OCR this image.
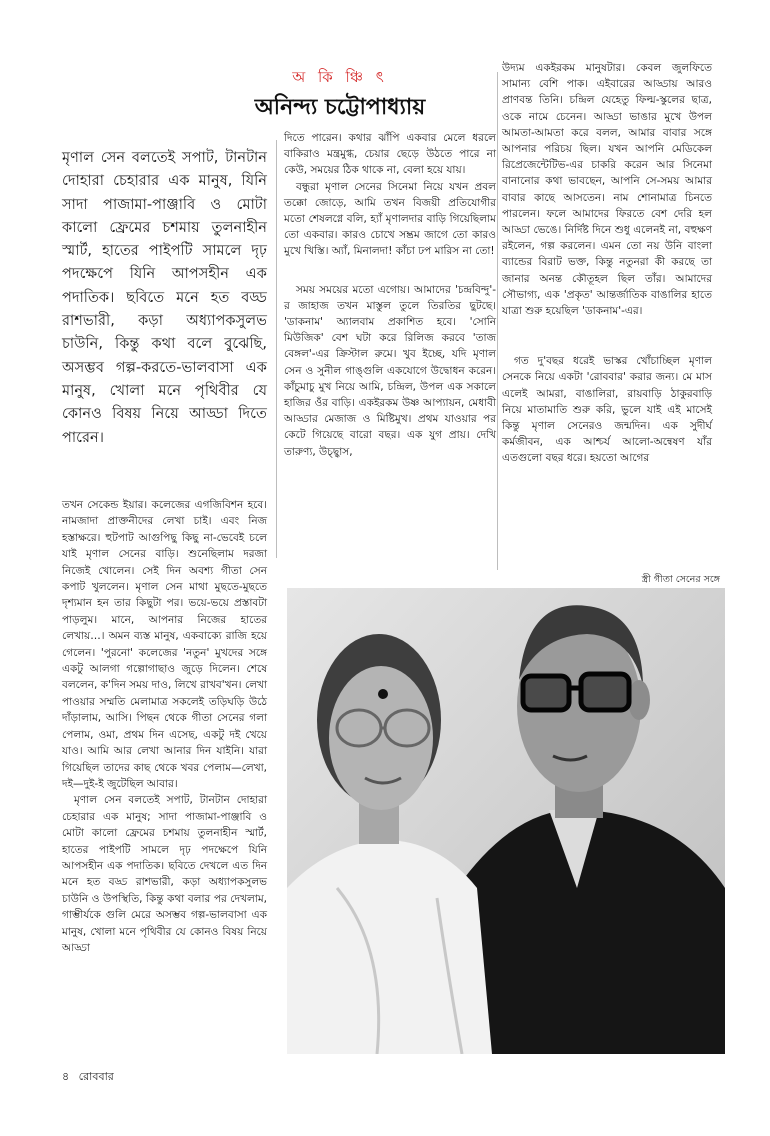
অ কি ঞ্চি ৎ
অনিন্দ্য চট্টোপাধ্যায়

মৃণাল সেন বলতেই সপাট, টানটান দোহারা চেহারার এক মানুষ, যিনি সাদা পাজামা-পাঞ্জাবি ও মোটা কালো ফ্রেমের চশমায় তুলনাহীন স্মার্ট, হাতের পাইপটি সামলে দৃঢ় পদক্ষেপে যিনি আপসহীন এক পদাতিক। ছবিতে মনে হত বড্ড রাশভারী, কড়া অধ্যাপকসুলভ চাউনি, কিন্তু কথা বলে বুঝেছি, অসম্ভব গল্প-করতে-ভালবাসা এক মানুষ, খোলা মনে পৃথিবীর যে কোনও বিষয় নিয়ে আড্ডা দিতে পারেন।

তখন সেকেন্ড ইয়ার। কলেজের এগজিবিশন হবে। নামজাদা প্রাক্তনীদের লেখা চাই। এবং নিজ হস্তাক্ষরে। হুটপাট আগুপিছু কিছু না-ভেবেই চলে যাই মৃণাল সেনের বাড়ি। শুনেছিলাম দরজা নিজেই খোলেন। সেই দিন অবশ্য গীতা সেন কপাট খুললেন। মৃণাল সেন মাথা মুছতে-মুছতে দৃশ্যমান হন তার কিছুটা পর। ভয়ে-ভয়ে প্রস্তাবটা পাড়লুম। মানে, আপনার নিজের হাতের লেখায়…। অমন ব্যস্ত মানুষ, একবাক্যে রাজি হয়ে গেলেন। 'পুরনো' কলেজের 'নতুন' মুখদের সঙ্গে একটু আলগা গল্পোগাছাও জুড়ে দিলেন। শেষে বললেন, ক'দিন সময় দাও, লিখে রাখব'খন। লেখা পাওয়ার সম্মতি মেলামাত্র সকলেই তড়িঘড়ি উঠে দাঁড়ালাম, আসি। পিছন থেকে গীতা সেনের গলা পেলাম, ওমা, প্রথম দিন এসেছ, একটু দই খেয়ে যাও। আমি আর লেখা আনার দিন যাইনি। যারা গিয়েছিল তাদের কাছ থেকে খবর পেলাম—লেখা, দই—দুই-ই জুটেছিল আবার।

মৃণাল সেন বলতেই সপাট, টানটান দোহারা চেহারার এক মানুষ; সাদা পাজামা-পাঞ্জাবি ও মোটা কালো ফ্রেমের চশমায় তুলনাহীন স্মার্ট, হাতের পাইপটি সামলে দৃঢ় পদক্ষেপে যিনি আপসহীন এক পদাতিক। ছবিতে দেখলে এত দিন মনে হত বড্ড রাশভারী, কড়া অধ্যাপকসুলভ চাউনি ও উপস্থিতি, কিন্তু কথা বলার পর দেখলাম, গাম্ভীর্যকে গুলি মেরে অসম্ভব গল্প-ভালবাসা এক মানুষ, খোলা মনে পৃথিবীর যে কোনও বিষয় নিয়ে আড্ডা

দিতে পারেন। কথার ঝাঁপি একবার মেলে ধরলে বাকিরাও মন্ত্রমুগ্ধ, চেয়ার ছেড়ে উঠতে পারে না কেউ, সময়ের ঠিক থাকে না, বেলা হয়ে যায়।

বন্ধুরা মৃণাল সেনের সিনেমা নিয়ে যখন প্রবল তক্কো জোড়ে, আমি তখন বিজয়ী প্রতিযোগীর মতো শেষলগ্নে বলি, হ্যাঁ মৃণালদার বাড়ি গিয়েছিলাম তো একবার। কারও চোখে সম্ভ্রম জাগে তো কারও মুখে খিস্তি। অ্যাঁ, মিনালদা! কাঁচা ঢপ মারিস না তো!

সময় সময়ের মতো এগোয়। আমাদের 'চন্দ্রবিন্দু'-র জাহাজ তখন মাস্তুল তুলে তিরতির ছুটছে। 'ডাকনাম' অ্যালবাম প্রকাশিত হবে। 'সোনি মিউজিক' বেশ ঘটা করে রিলিজ করবে 'তাজ বেঙ্গল'-এর ক্রিস্টাল রুমে। খুব ইচ্ছে, যদি মৃণাল সেন ও সুনীল গাঙ্গুলি একযোগে উদ্বোধন করেন। কাঁচুমাচু মুখ নিয়ে আমি, চন্দ্রিল, উপল এক সকালে হাজির ওঁর বাড়ি। একইরকম উষ্ণ আপ্যায়ন, মেধাবী আড্ডার মেজাজ ও মিষ্টিমুখ। প্রথম যাওয়ার পর কেটে গিয়েছে বারো বছর। এক যুগ প্রায়। দেখি তারুণ্য, উচ্ছ্বাস,

উদ্যম একইরকম মানুষটার। কেবল জুলফিতে সামান্য বেশি পাক। এইবারের আড্ডায় আরও প্রাণবন্ত তিনি। চন্দ্রিল যেহেতু ফিল্ম-স্কুলের ছাত্র, ওকে নামে চেনেন। আড্ডা ভাঙার মুখে উপল আমতা-আমতা করে বলল, আমার বাবার সঙ্গে আপনার পরিচয় ছিল। যখন আপনি মেডিকেল রিপ্রেজেন্টেটিভ-এর চাকরি করেন আর সিনেমা বানানোর কথা ভাবছেন, আপনি সে-সময় আমার বাবার কাছে আসতেন। নাম শোনামাত্র চিনতে পারলেন। ফলে আমাদের ফিরতে বেশ দেরি হল আড্ডা ভেঙে। নির্দিষ্ট দিনে শুধু এলেনই না, বহুক্ষণ রইলেন, গল্প করলেন। এমন তো নয় উনি বাংলা ব্যান্ডের বিরাট ভক্ত, কিন্তু নতুনরা কী করছে তা জানার অনন্ত কৌতূহল ছিল তাঁর। আমাদের সৌভাগ্য, এক 'প্রকৃত' আন্তর্জাতিক বাঙালির হাতে যাত্রা শুরু হয়েছিল 'ডাকনাম'-এর।

গত দু'বছর ধরেই ভাস্কর খোঁচাচ্ছিল মৃণাল সেনকে নিয়ে একটা 'রোববার' করার জন্য। মে মাস এলেই আমরা, বাঙালিরা, রায়বাড়ি ঠাকুরবাড়ি নিয়ে মাতামাতি শুরু করি, ভুলে যাই এই মাসেই কিন্তু মৃণাল সেনেরও জন্মদিন। এক সুদীর্ঘ কর্মজীবন, এক আশ্চর্য আলো-অন্বেষণ যাঁর এতগুলো বছর ধরে। হয়তো আগের

স্ত্রী গীতা সেনের সঙ্গে
৪ রোববার
